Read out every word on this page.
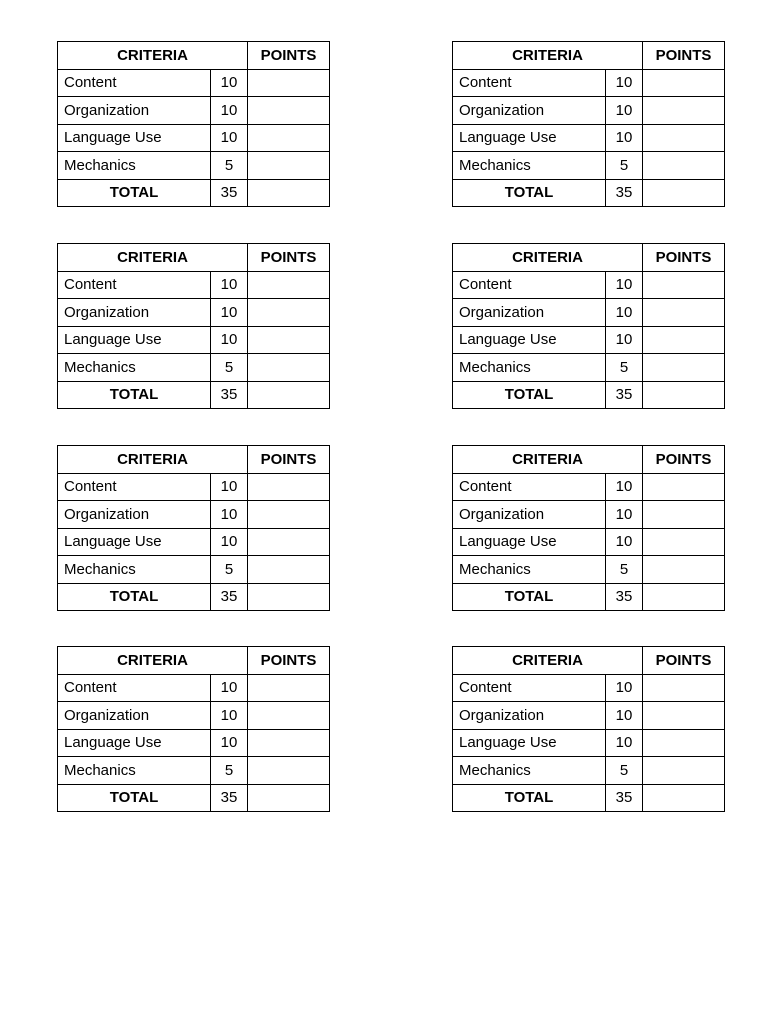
CRITERIA		POINTS
Content	10	
Organization	10	
Language Use	10	
Mechanics	5	
TOTAL	35	
CRITERIA		POINTS
Content	10	
Organization	10	
Language Use	10	
Mechanics	5	
TOTAL	35	
CRITERIA		POINTS
Content	10	
Organization	10	
Language Use	10	
Mechanics	5	
TOTAL	35	
CRITERIA		POINTS
Content	10	
Organization	10	
Language Use	10	
Mechanics	5	
TOTAL	35	
CRITERIA		POINTS
Content	10	
Organization	10	
Language Use	10	
Mechanics	5	
TOTAL	35	
CRITERIA		POINTS
Content	10	
Organization	10	
Language Use	10	
Mechanics	5	
TOTAL	35	
CRITERIA		POINTS
Content	10	
Organization	10	
Language Use	10	
Mechanics	5	
TOTAL	35	
CRITERIA		POINTS
Content	10	
Organization	10	
Language Use	10	
Mechanics	5	
TOTAL	35	
